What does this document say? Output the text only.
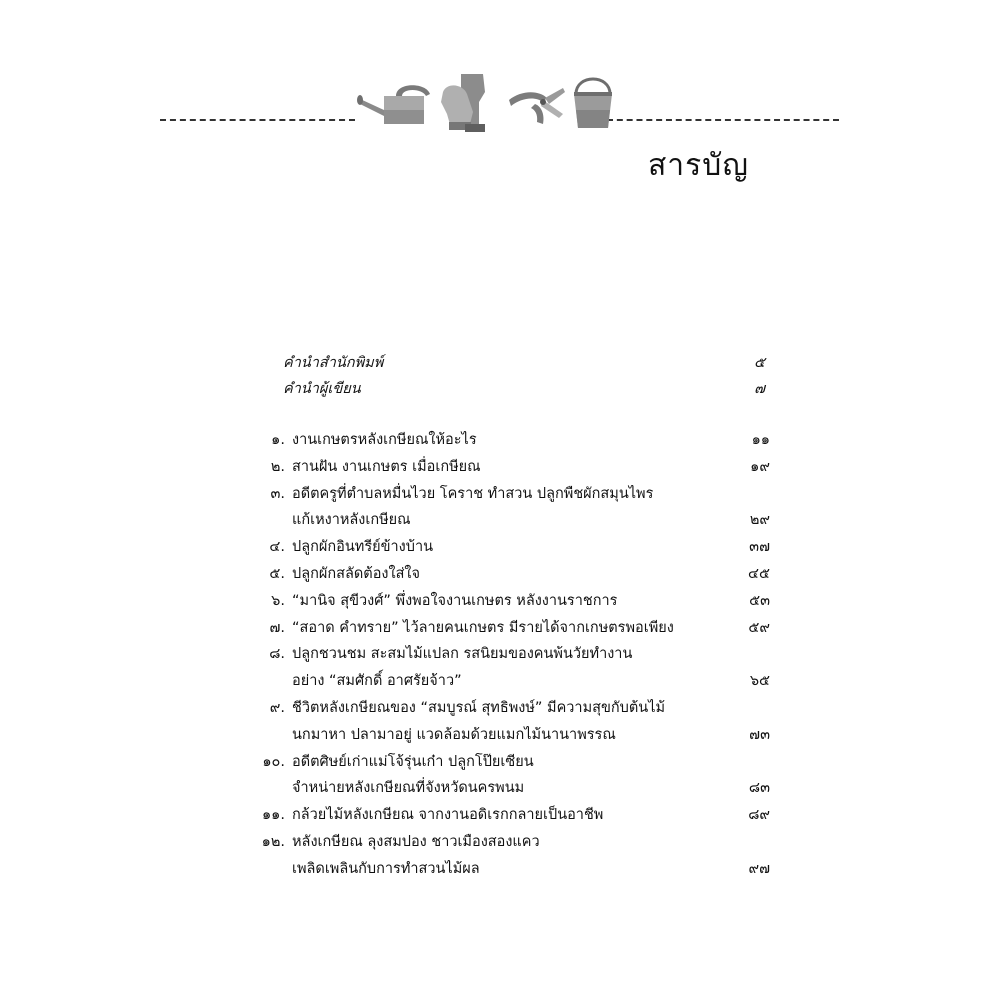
สารบัญ
คำนำสำนักพิมพ์	๕
คำนำผู้เขียน	๗
๑. งานเกษตรหลังเกษียณให้อะไร	๑๑
๒. สานฝัน งานเกษตร เมื่อเกษียณ	๑๙
๓. อดีตครูที่ตำบลหมื่นไวย โคราช ทำสวน ปลูกพืชผักสมุนไพร
แก้เหงาหลังเกษียณ	๒๙
๔. ปลูกผักอินทรีย์ข้างบ้าน	๓๗
๕. ปลูกผักสลัดต้องใส่ใจ	๔๕
๖. “มานิจ สุขีวงศ์” พึ่งพอใจงานเกษตร หลังงานราชการ	๕๓
๗. “สอาด คำทราย” ไว้ลายคนเกษตร มีรายได้จากเกษตรพอเพียง	๕๙
๘. ปลูกชวนชม สะสมไม้แปลก รสนิยมของคนพ้นวัยทำงาน
อย่าง “สมศักดิ์ อาศรัยจ้าว”	๖๕
๙. ชีวิตหลังเกษียณของ “สมบูรณ์ สุทธิพงษ์” มีความสุขกับต้นไม้
นกมาหา ปลามาอยู่ แวดล้อมด้วยแมกไม้นานาพรรณ	๗๓
๑๐. อดีตศิษย์เก่าแม่โจ้รุ่นเก๋า ปลูกโป๊ยเซียน
จำหน่ายหลังเกษียณที่จังหวัดนครพนม	๘๓
๑๑. กล้วยไม้หลังเกษียณ จากงานอดิเรกกลายเป็นอาชีพ	๘๙
๑๒. หลังเกษียณ ลุงสมปอง ชาวเมืองสองแคว
เพลิดเพลินกับการทำสวนไม้ผล	๙๗
